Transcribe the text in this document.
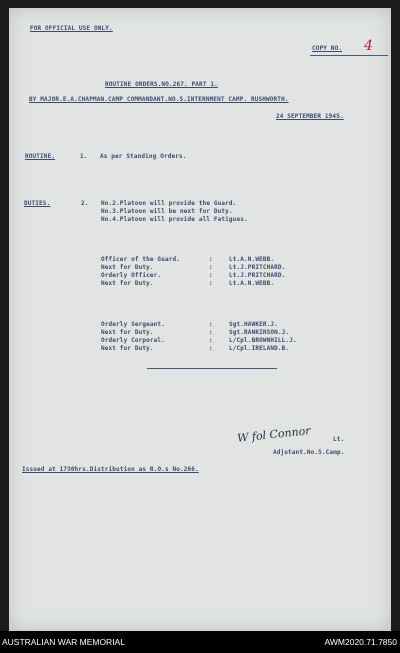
FOR OFFICIAL USE ONLY.
COPY NO. 4
ROUTINE ORDERS.NO.267. PART 1.
BY MAJOR.E.A.CHAPMAN.CAMP COMMANDANT.NO.5.INTERNMENT CAMP. RUSHWORTH.
24 SEPTEMBER 1945.
ROUTINE.	1. As per Standing Orders.
DUTIES.	2. No.2.Platoon will provide the Guard.
No.3.Platoon will be next for Duty.
No.4.Platoon will provide all Fatigues.
Officer of the Guard.	:	Lt.A.N.WEBB.
Next for Duty.	:	Lt.J.PRITCHARD.
Orderly Officer.	:	Lt.J.PRITCHARD.
Next for Duty.	:	Lt.A.N.WEBB.
Orderly Sergeant.	:	Sgt.HAWKER.J.
Next for Duty.	:	Sgt.RANKINSON.J.
Orderly Corporal.	:	L/Cpl.BROWNHILL.J.
Next for Duty.	:	L/Cpl.IRELAND.B.
W fol Connor	Lt.
Adjutant.No.5.Camp.
Issued at 1730hrs.Distribution as R.O.s No.266.
AUSTRALIAN WAR MEMORIAL	AWM2020.71.7850
